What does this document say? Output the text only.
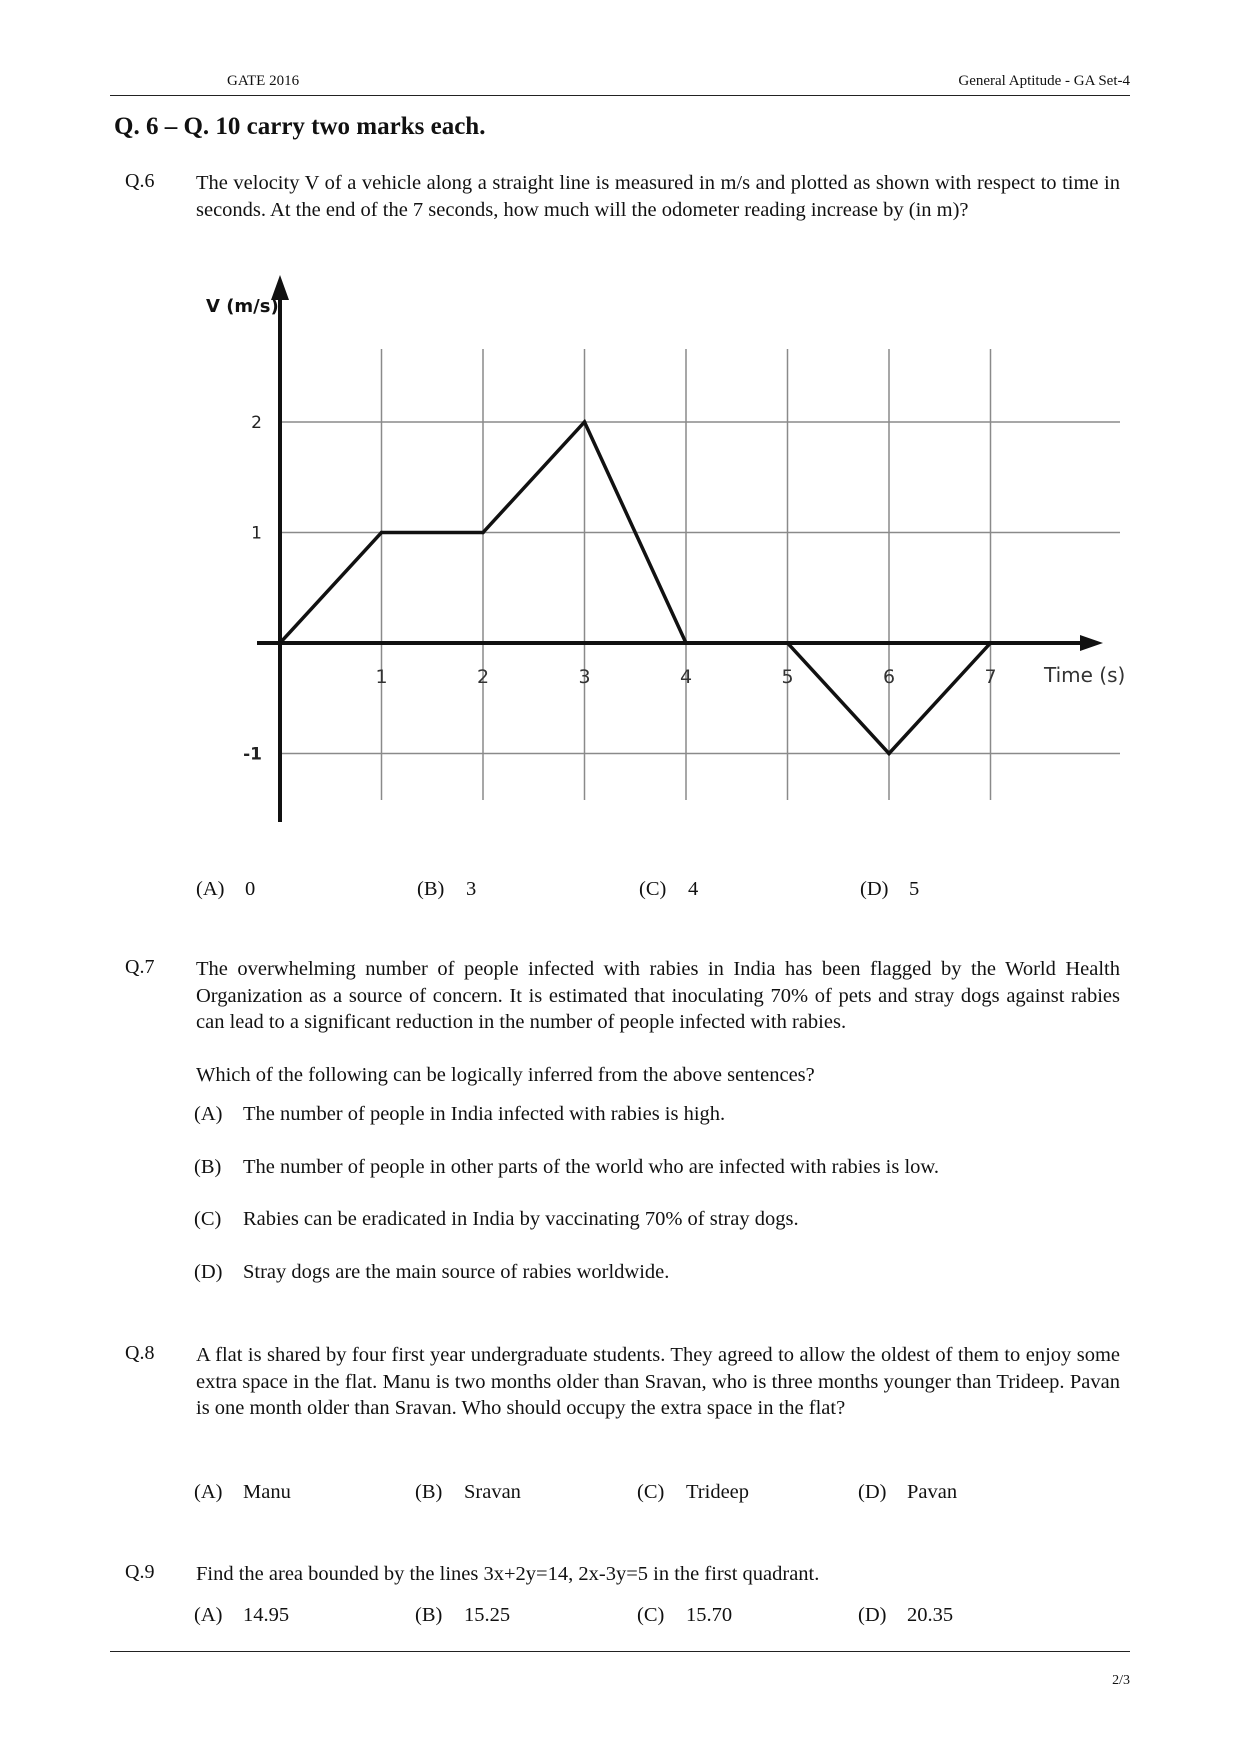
GATE 2016	General Aptitude - GA Set-4
Q. 6 – Q. 10 carry two marks each.
Q.6 The velocity V of a vehicle along a straight line is measured in m/s and plotted as shown with respect to time in seconds. At the end of the 7 seconds, how much will the odometer reading increase by (in m)?
1	2	3	4	5	6	7
2
1
-1
V (m/s)
Time (s)
(A) 0	(B) 3	(C) 4	(D) 5
Q.7 The overwhelming number of people infected with rabies in India has been flagged by the World Health Organization as a source of concern. It is estimated that inoculating 70% of pets and stray dogs against rabies can lead to a significant reduction in the number of people infected with rabies.
Which of the following can be logically inferred from the above sentences?
(A) The number of people in India infected with rabies is high.
(B) The number of people in other parts of the world who are infected with rabies is low.
(C) Rabies can be eradicated in India by vaccinating 70% of stray dogs.
(D) Stray dogs are the main source of rabies worldwide.
Q.8 A flat is shared by four first year undergraduate students. They agreed to allow the oldest of them to enjoy some extra space in the flat. Manu is two months older than Sravan, who is three months younger than Trideep. Pavan is one month older than Sravan. Who should occupy the extra space in the flat?
(A) Manu	(B) Sravan	(C) Trideep	(D) Pavan
Q.9 Find the area bounded by the lines 3x+2y=14, 2x-3y=5 in the first quadrant.
(A) 14.95	(B) 15.25	(C) 15.70	(D) 20.35
2/3
